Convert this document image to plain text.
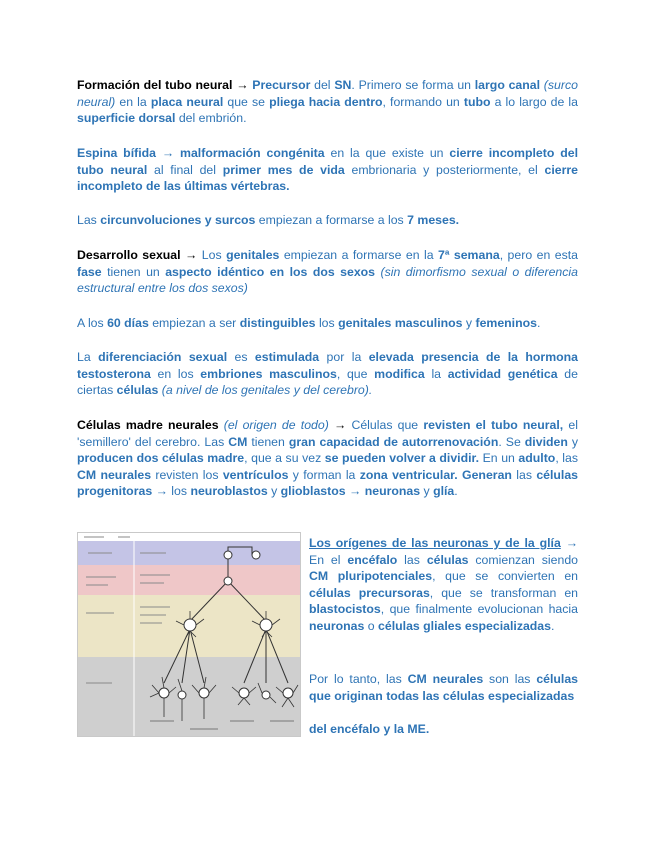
Formación del tubo neural → Precursor del SN. Primero se forma un largo canal (surco neural) en la placa neural que se pliega hacia dentro, formando un tubo a lo largo de la superficie dorsal del embrión.

Espina bífida → malformación congénita en la que existe un cierre incompleto del tubo neural al final del primer mes de vida embrionaria y posteriormente, el cierre incompleto de las últimas vértebras.

Las circunvoluciones y surcos empiezan a formarse a los 7 meses.

Desarrollo sexual → Los genitales empiezan a formarse en la 7ª semana, pero en esta fase tienen un aspecto idéntico en los dos sexos (sin dimorfismo sexual o diferencia estructural entre los dos sexos)

A los 60 días empiezan a ser distinguibles los genitales masculinos y femeninos.

La diferenciación sexual es estimulada por la elevada presencia de la hormona testosterona en los embriones masculinos, que modifica la actividad genética de ciertas células (a nivel de los genitales y del cerebro).

Células madre neurales (el origen de todo) → Células que revisten el tubo neural, el 'semillero' del cerebro. Las CM tienen gran capacidad de autorrenovación. Se dividen y producen dos células madre, que a su vez se pueden volver a dividir. En un adulto, las CM neurales revisten los ventrículos y forman la zona ventricular. Generan las células progenitoras → los neuroblastos y glioblastos → neuronas y glía.

Los orígenes de las neuronas y de la glía → En el encéfalo las células comienzan siendo CM pluripotenciales, que se convierten en células precursoras, que se transforman en blastocistos, que finalmente evolucionan hacia neuronas o células gliales especializadas.

Por lo tanto, las CM neurales son las células que originan todas las células especializadas

del encéfalo y la ME.
